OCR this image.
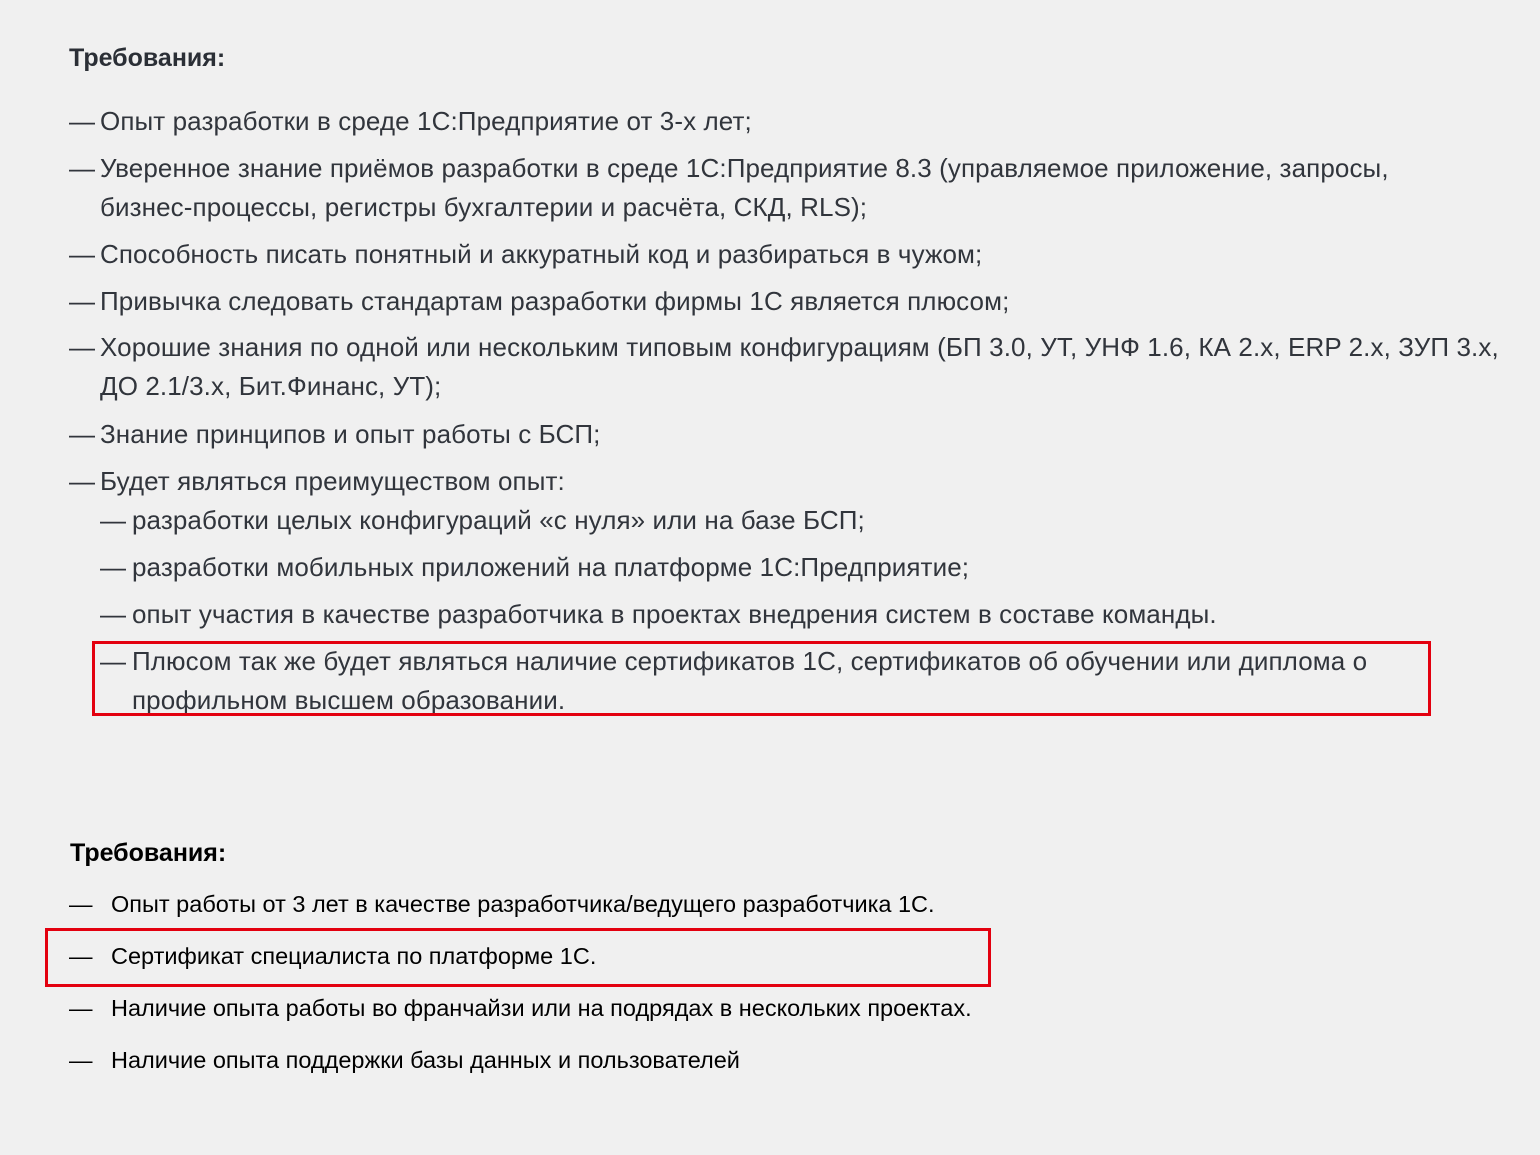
Требования:
— Опыт разработки в среде 1С:Предприятие от 3-х лет;
— Уверенное знание приёмов разработки в среде 1С:Предприятие 8.3 (управляемое приложение, запросы, бизнес-процессы, регистры бухгалтерии и расчёта, СКД, RLS);
— Способность писать понятный и аккуратный код и разбираться в чужом;
— Привычка следовать стандартам разработки фирмы 1С является плюсом;
— Хорошие знания по одной или нескольким типовым конфигурациям (БП 3.0, УТ, УНФ 1.6, КА 2.х, ERP 2.х, ЗУП 3.х, ДО 2.1/3.х, Бит.Финанс, УТ);
— Знание принципов и опыт работы с БСП;
— Будет являться преимуществом опыт:
— разработки целых конфигураций «с нуля» или на базе БСП;
— разработки мобильных приложений на платформе 1С:Предприятие;
— опыт участия в качестве разработчика в проектах внедрения систем в составе команды.
— Плюсом так же будет являться наличие сертификатов 1С, сертификатов об обучении или диплома о профильном высшем образовании.
Требования:
— Опыт работы от 3 лет в качестве разработчика/ведущего разработчика 1С.
— Сертификат специалиста по платформе 1С.
— Наличие опыта работы во франчайзи или на подрядах в нескольких проектах.
— Наличие опыта поддержки базы данных и пользователей
